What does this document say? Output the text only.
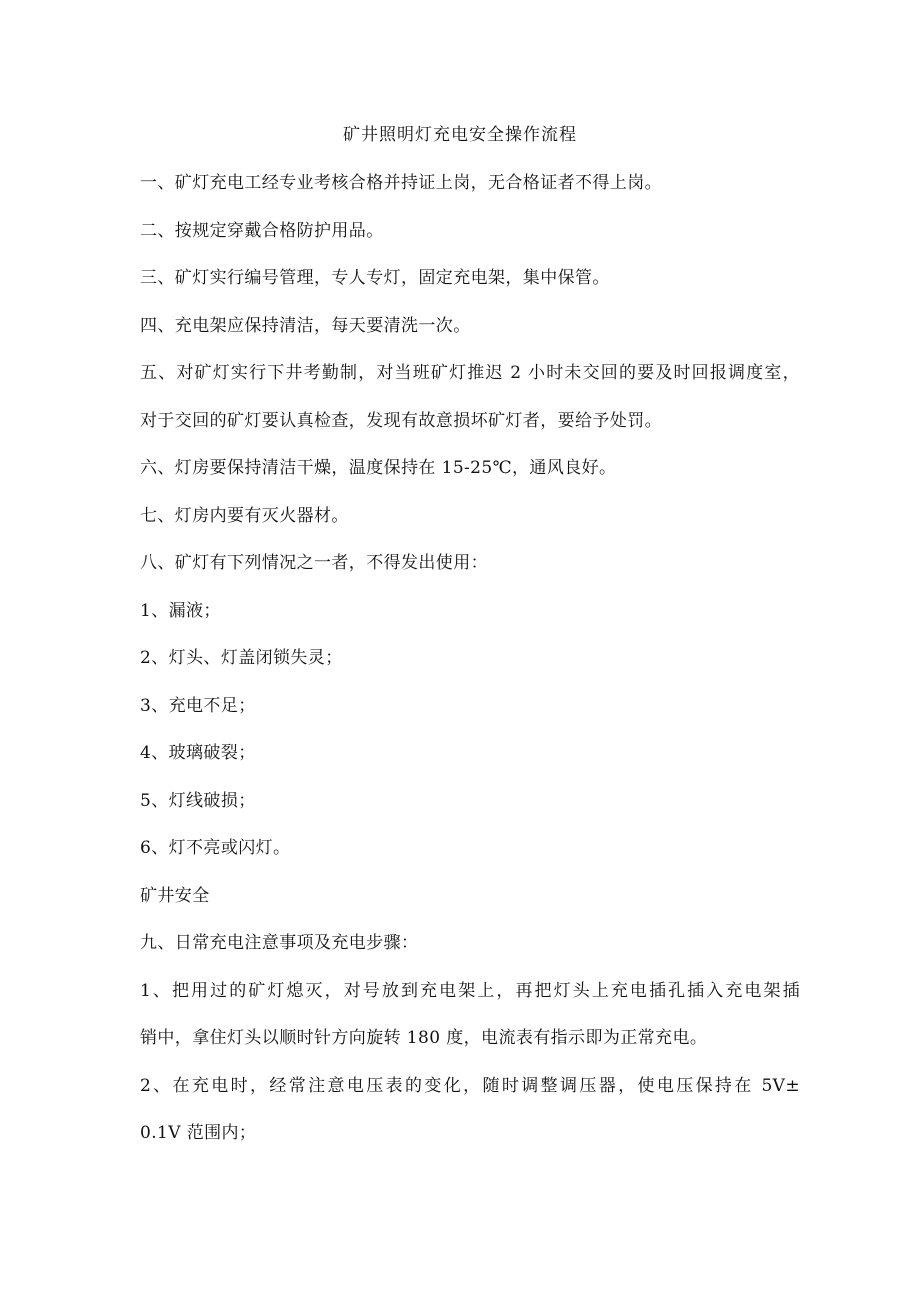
矿井照明灯充电安全操作流程
一、矿灯充电工经专业考核合格并持证上岗，无合格证者不得上岗。
二、按规定穿戴合格防护用品。
三、矿灯实行编号管理，专人专灯，固定充电架，集中保管。
四、充电架应保持清洁，每天要清洗一次。
五、对矿灯实行下井考勤制，对当班矿灯推迟 2 小时未交回的要及时回报调度室，
对于交回的矿灯要认真检查，发现有故意损坏矿灯者，要给予处罚。
六、灯房要保持清洁干燥，温度保持在 15-25℃，通风良好。
七、灯房内要有灭火器材。
八、矿灯有下列情况之一者，不得发出使用：
1、漏液；
2、灯头、灯盖闭锁失灵；
3、充电不足；
4、玻璃破裂；
5、灯线破损；
6、灯不亮或闪灯。
矿井安全
九、日常充电注意事项及充电步骤：
1、把用过的矿灯熄灭，对号放到充电架上，再把灯头上充电插孔插入充电架插
销中，拿住灯头以顺时针方向旋转 180 度，电流表有指示即为正常充电。
2、在充电时，经常注意电压表的变化，随时调整调压器，使电压保持在 5V±
0.1V 范围内；
